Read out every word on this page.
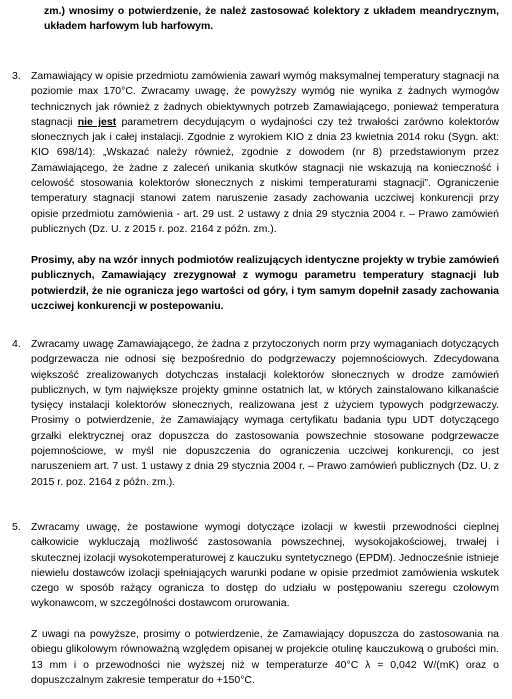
zm.) wnosimy o potwierdzenie, że należ zastosować kolektory z układem meandrycznym, układem harfowym lub harfowym.
3. Zamawiający w opisie przedmiotu zamówienia zawarł wymóg maksymalnej temperatury stagnacji na poziomie max 170°C. Zwracamy uwagę, że powyższy wymóg nie wynika z żadnych wymogów technicznych jak również z żadnych obiektywnych potrzeb Zamawiającego, ponieważ temperatura stagnacji nie jest parametrem decydującym o wydajności czy też trwałości zarówno kolektorów słonecznych jak i całej instalacji. Zgodnie z wyrokiem KIO z dnia 23 kwietnia 2014 roku (Sygn. akt: KIO 698/14): „Wskazać należy również, zgodnie z dowodem (nr 8) przedstawionym przez Zamawiającego, że żadne z zaleceń unikania skutków stagnacji nie wskazują na konieczność i celowość stosowania kolektorów słonecznych z niskimi temperaturami stagnacji”. Ograniczenie temperatury stagnacji stanowi zatem naruszenie zasady zachowania uczciwej konkurencji przy opisie przedmiotu zamówienia - art. 29 ust. 2 ustawy z dnia 29 stycznia 2004 r. – Prawo zamówień publicznych (Dz. U. z 2015 r. poz. 2164 z późn. zm.).
Prosimy, aby na wzór innych podmiotów realizujących identyczne projekty w trybie zamówień publicznych, Zamawiający zrezygnował z wymogu parametru temperatury stagnacji lub potwierdził, że nie ogranicza jego wartości od góry, i tym samym dopełnił zasady zachowania uczciwej konkurencji w postepowaniu.
4. Zwracamy uwagę Zamawiającego, że żadna z przytoczonych norm przy wymaganiach dotyczących podgrzewacza nie odnosi się bezpośrednio do podgrzewaczy pojemnościowych. Zdecydowana większość zrealizowanych dotychczas instalacji kolektorów słonecznych w drodze zamówień publicznych, w tym największe projekty gminne ostatnich lat, w których zainstalowano kilkanaście tysięcy instalacji kolektorów słonecznych, realizowana jest z użyciem typowych podgrzewaczy. Prosimy o potwierdzenie, że Zamawiający wymaga certyfikatu badania typu UDT dotyczącego grzałki elektrycznej oraz dopuszcza do zastosowania powszechnie stosowane podgrzewacze pojemnościowe, w myśl nie dopuszczenia do ograniczenia uczciwej konkurencji, co jest naruszeniem art. 7 ust. 1 ustawy z dnia 29 stycznia 2004 r. – Prawo zamówień publicznych (Dz. U. z 2015 r. poz. 2164 z późn. zm.).
5. Zwracamy uwagę, że postawione wymogi dotyczące izolacji w kwestii przewodności cieplnej całkowicie wykluczają możliwość zastosowania powszechnej, wysokojakościowej, trwałej i skutecznej izolacji wysokotemperaturowej z kauczuku syntetycznego (EPDM). Jednocześnie istnieje niewielu dostawców izolacji spełniających warunki podane w opisie przedmiot zamówienia wskutek czego w sposób rażący ogranicza to dostęp do udziału w postępowaniu szeregu czołowym wykonawcom, w szczególności dostawcom orurowania.
Z uwagi na powyższe, prosimy o potwierdzenie, że Zamawiający dopuszcza do zastosowania na obiegu glikolowym równoważną względem opisanej w projekcie otulinę kauczukową o grubości min. 13 mm i o przewodności nie wyższej niż w temperaturze 40°C λ = 0,042 W/(mK) oraz o dopuszczalnym zakresie temperatur do +150°C.
